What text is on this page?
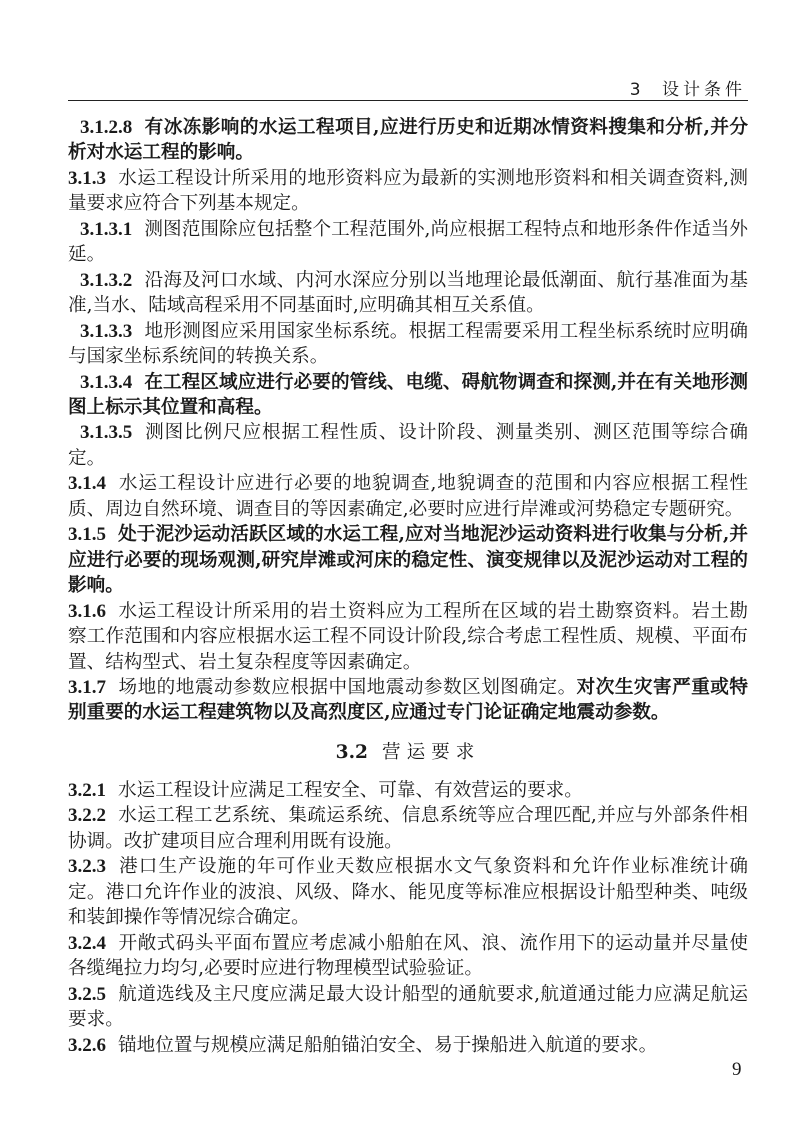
3 设计条件

3.1.2.8 有冰冻影响的水运工程项目,应进行历史和近期冰情资料搜集和分析,并分析对水运工程的影响。

3.1.3 水运工程设计所采用的地形资料应为最新的实测地形资料和相关调查资料,测量要求应符合下列基本规定。

3.1.3.1 测图范围除应包括整个工程范围外,尚应根据工程特点和地形条件作适当外延。

3.1.3.2 沿海及河口水域、内河水深应分别以当地理论最低潮面、航行基准面为基准,当水、陆域高程采用不同基面时,应明确其相互关系值。

3.1.3.3 地形测图应采用国家坐标系统。根据工程需要采用工程坐标系统时应明确与国家坐标系统间的转换关系。

3.1.3.4 在工程区域应进行必要的管线、电缆、碍航物调查和探测,并在有关地形测图上标示其位置和高程。

3.1.3.5 测图比例尺应根据工程性质、设计阶段、测量类别、测区范围等综合确定。

3.1.4 水运工程设计应进行必要的地貌调查,地貌调查的范围和内容应根据工程性质、周边自然环境、调查目的等因素确定,必要时应进行岸滩或河势稳定专题研究。

3.1.5 处于泥沙运动活跃区域的水运工程,应对当地泥沙运动资料进行收集与分析,并应进行必要的现场观测,研究岸滩或河床的稳定性、演变规律以及泥沙运动对工程的影响。

3.1.6 水运工程设计所采用的岩土资料应为工程所在区域的岩土勘察资料。岩土勘察工作范围和内容应根据水运工程不同设计阶段,综合考虑工程性质、规模、平面布置、结构型式、岩土复杂程度等因素确定。

3.1.7 场地的地震动参数应根据中国地震动参数区划图确定。对次生灾害严重或特别重要的水运工程建筑物以及高烈度区,应通过专门论证确定地震动参数。

3.2 营运要求

3.2.1 水运工程设计应满足工程安全、可靠、有效营运的要求。

3.2.2 水运工程工艺系统、集疏运系统、信息系统等应合理匹配,并应与外部条件相协调。改扩建项目应合理利用既有设施。

3.2.3 港口生产设施的年可作业天数应根据水文气象资料和允许作业标准统计确定。港口允许作业的波浪、风级、降水、能见度等标准应根据设计船型种类、吨级和装卸操作等情况综合确定。

3.2.4 开敞式码头平面布置应考虑减小船舶在风、浪、流作用下的运动量并尽量使各缆绳拉力均匀,必要时应进行物理模型试验验证。

3.2.5 航道选线及主尺度应满足最大设计船型的通航要求,航道通过能力应满足航运要求。

3.2.6 锚地位置与规模应满足船舶锚泊安全、易于操船进入航道的要求。

9
